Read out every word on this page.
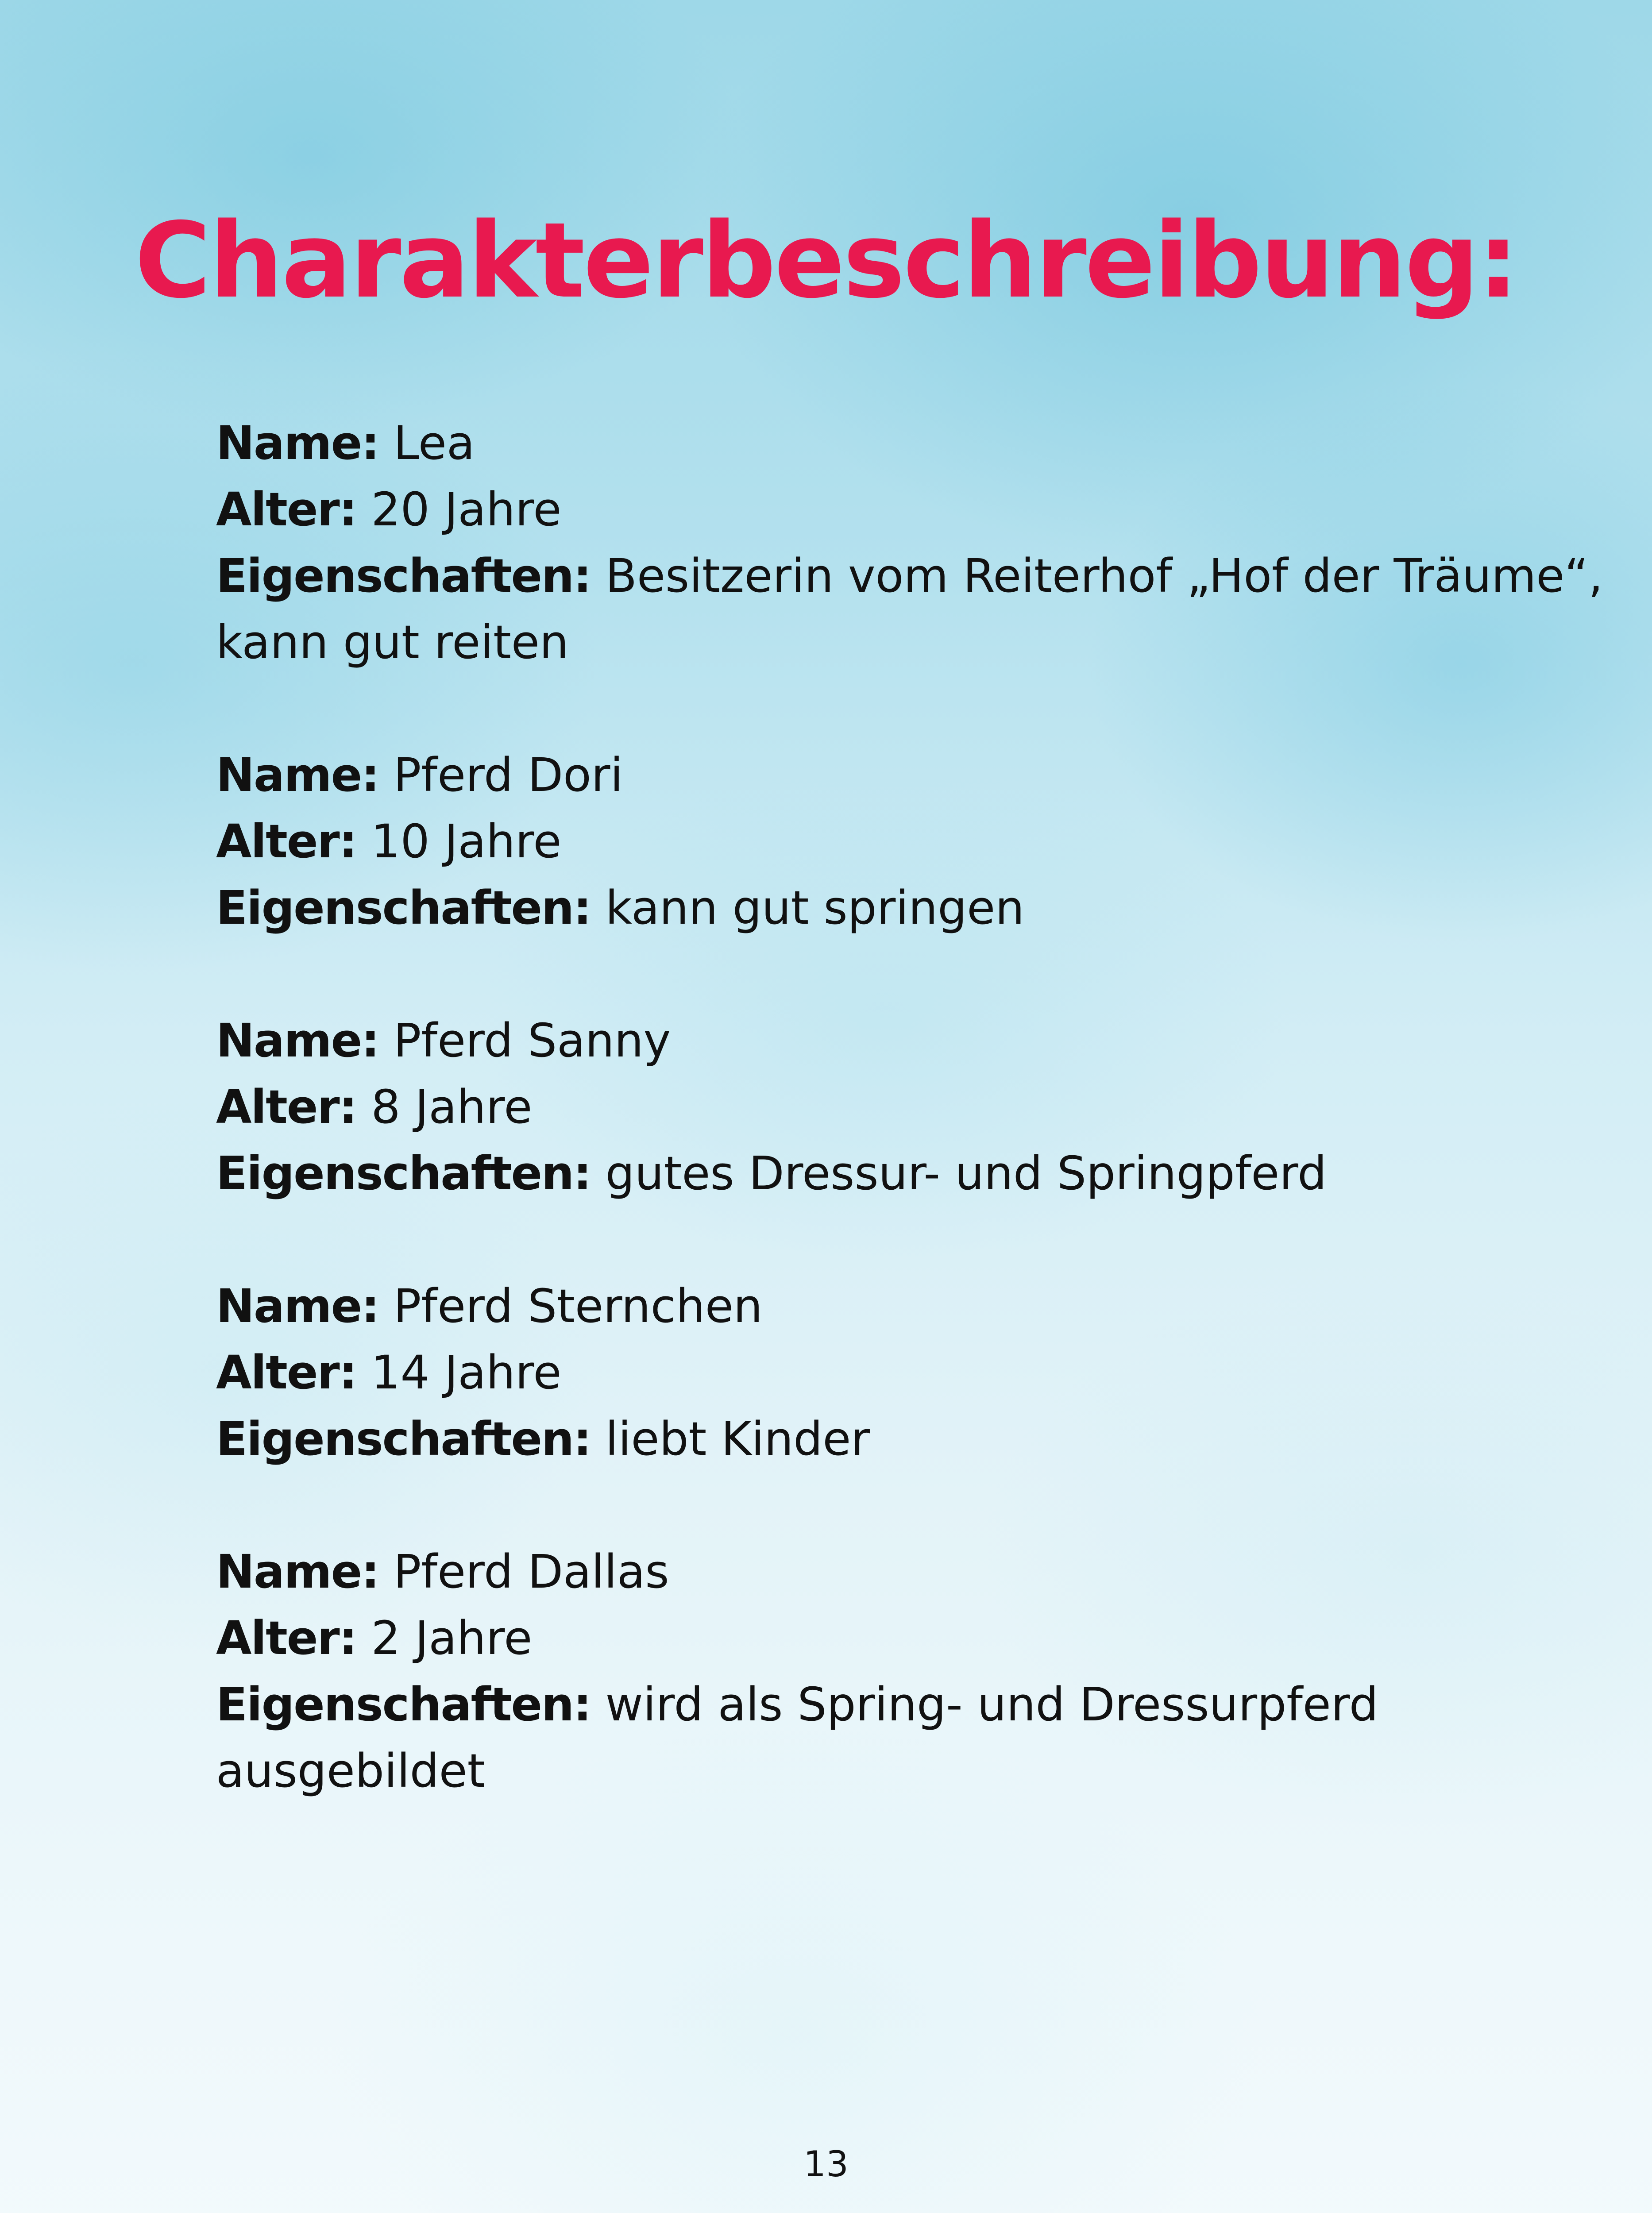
Charakterbeschreibung:
Name: Lea
Alter: 20 Jahre
Eigenschaften: Besitzerin vom Reiterhof „Hof der Träume“,
kann gut reiten
Name: Pferd Dori
Alter: 10 Jahre
Eigenschaften: kann gut springen
Name: Pferd Sanny
Alter: 8 Jahre
Eigenschaften: gutes Dressur- und Springpferd
Name: Pferd Sternchen
Alter: 14 Jahre
Eigenschaften: liebt Kinder
Name: Pferd Dallas
Alter: 2 Jahre
Eigenschaften: wird als Spring- und Dressurpferd
ausgebildet
13
